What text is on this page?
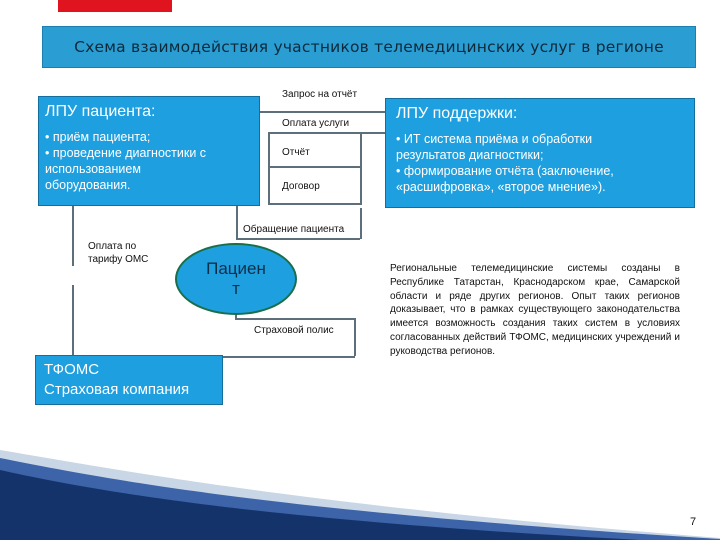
Схема взаимодействия участников телемедицинских услуг в регионе
Запрос на отчёт
Оплата услуги
Отчёт
Договор
Обращение пациента
Страховой полис
Оплата по
тарифу ОМС
ЛПУ пациента:
• приём пациента;
• проведение диагностики с
использованием
оборудования.
ЛПУ поддержки:
• ИТ система приёма и обработки
результатов диагностики;
• формирование отчёта (заключение,
«расшифровка», «второе мнение»).
Пациен
т
ТФОМС
Страховая компания
Региональные телемедицинские системы созданы в Республике Татарстан, Краснодарском крае, Самарской области и ряде других регионов. Опыт таких регионов доказывает, что в рамках существующего законодательства имеется возможность создания таких систем в условиях согласованных действий ТФОМС, медицинских учреждений и руководства регионов.
7
